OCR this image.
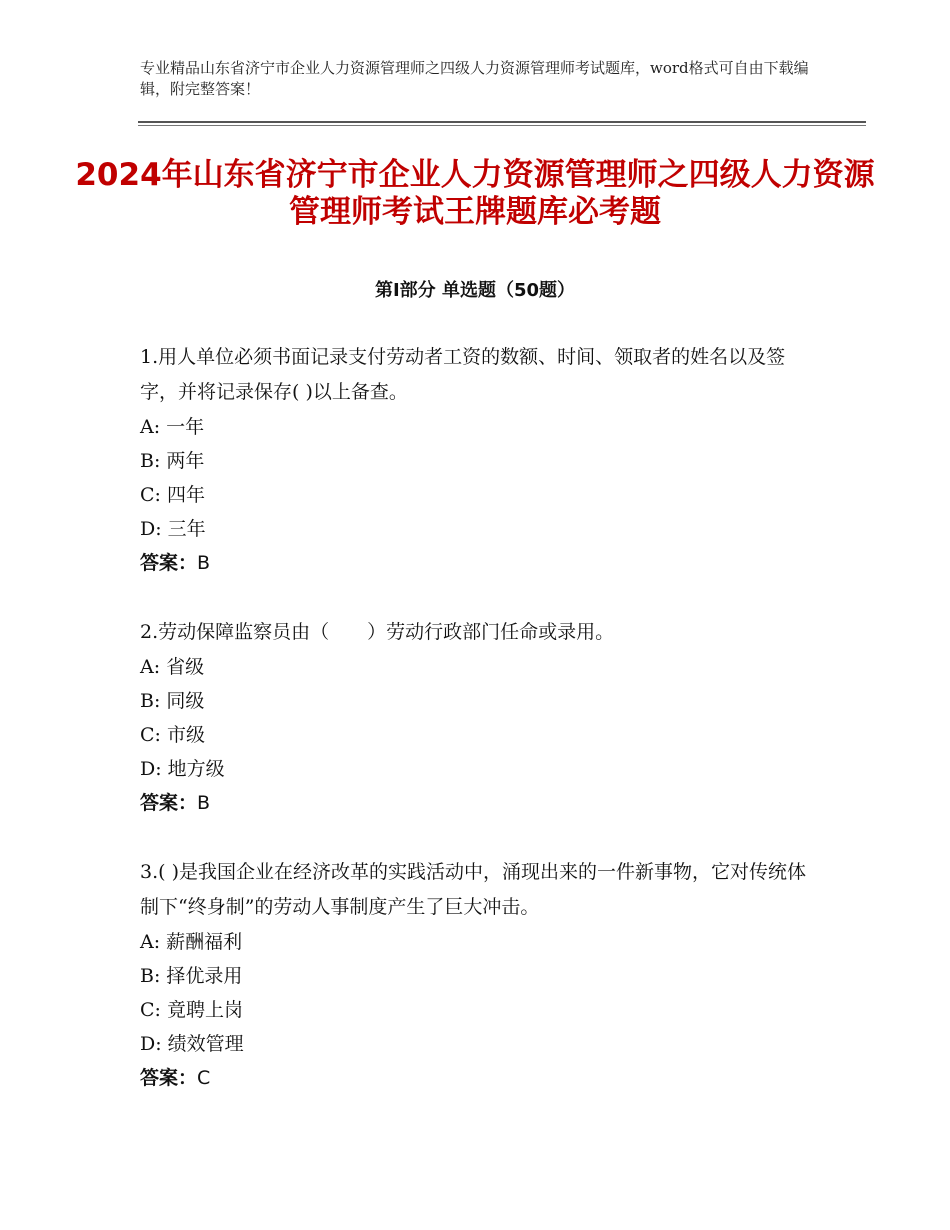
专业精品山东省济宁市企业人力资源管理师之四级人力资源管理师考试题库，word格式可自由下载编辑，附完整答案！
2024年山东省济宁市企业人力资源管理师之四级人力资源管理师考试王牌题库必考题
第Ⅰ部分 单选题（50题）
1.用人单位必须书面记录支付劳动者工资的数额、时间、领取者的姓名以及签字，并将记录保存( )以上备查。
A: 一年
B: 两年
C: 四年
D: 三年
答案：B
2.劳动保障监察员由（　　）劳动行政部门任命或录用。
A: 省级
B: 同级
C: 市级
D: 地方级
答案：B
3.( )是我国企业在经济改革的实践活动中，涌现出来的一件新事物，它对传统体制下“终身制”的劳动人事制度产生了巨大冲击。
A: 薪酬福利
B: 择优录用
C: 竟聘上岗
D: 绩效管理
答案：C
